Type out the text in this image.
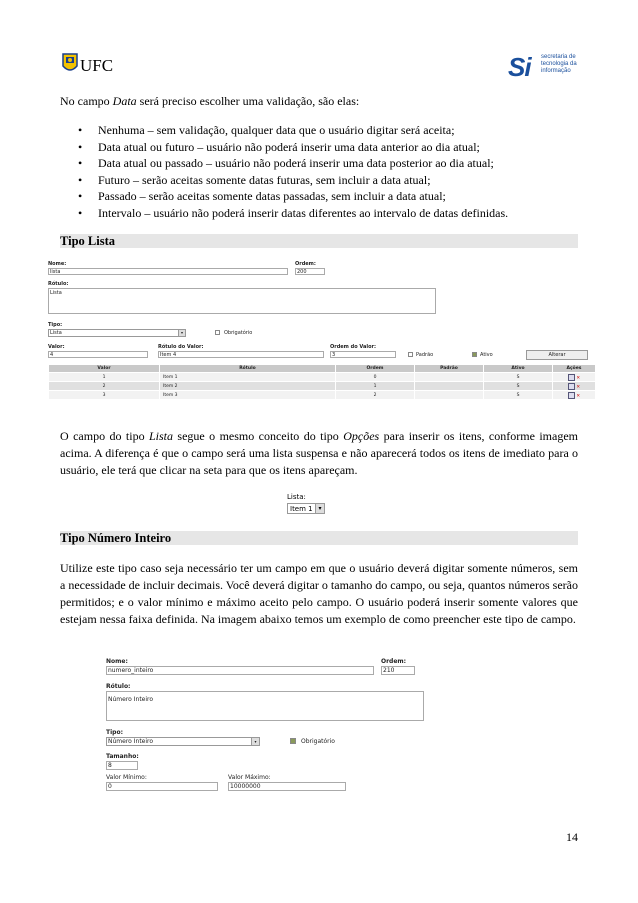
UFC	Si secretaria de
tecnologia da
informação
No campo Data será preciso escolher uma validação, são elas:
• Nenhuma – sem validação, qualquer data que o usuário digitar será aceita;
• Data atual ou futuro – usuário não poderá inserir uma data anterior ao dia atual;
• Data atual ou passado – usuário não poderá inserir uma data posterior ao dia atual;
• Futuro – serão aceitas somente datas futuras, sem incluir a data atual;
• Passado – serão aceitas somente datas passadas, sem incluir a data atual;
• Intervalo – usuário não poderá inserir datas diferentes ao intervalo de datas definidas.
Tipo Lista
Nome:
lista
Ordem:
200
Rótulo:
Lista
Tipo:
Lista	▾	Obrigatório
Valor:
4
Rótulo do Valor:
Item 4
Ordem do Valor:
3	Padrão	Ativo	Alterar
Valor	Rótulo	Ordem	Padrão	Ativo	Ações
1	Item 1	0		S	✕
2	Item 2	1		S	✕
3	Item 3	2		S	✕
O campo do tipo Lista segue o mesmo conceito do tipo Opções para inserir os itens, conforme imagem acima. A diferença é que o campo será uma lista suspensa e não aparecerá todos os itens de imediato para o usuário, ele terá que clicar na seta para que os itens apareçam.
Lista:
Item 1 ▾
Tipo Número Inteiro
Utilize este tipo caso seja necessário ter um campo em que o usuário deverá digitar somente números, sem a necessidade de incluir decimais. Você deverá digitar o tamanho do campo, ou seja, quantos números serão permitidos; e o valor mínimo e máximo aceito pelo campo. O usuário poderá inserir somente valores que estejam nessa faixa definida. Na imagem abaixo temos um exemplo de como preencher este tipo de campo.
Nome:
numero_inteiro
Ordem:
210
Rótulo:
Número Inteiro
Tipo:
Número Inteiro	▾	Obrigatório
Tamanho:
8
Valor Mínimo:
0
Valor Máximo:
10000000
14
